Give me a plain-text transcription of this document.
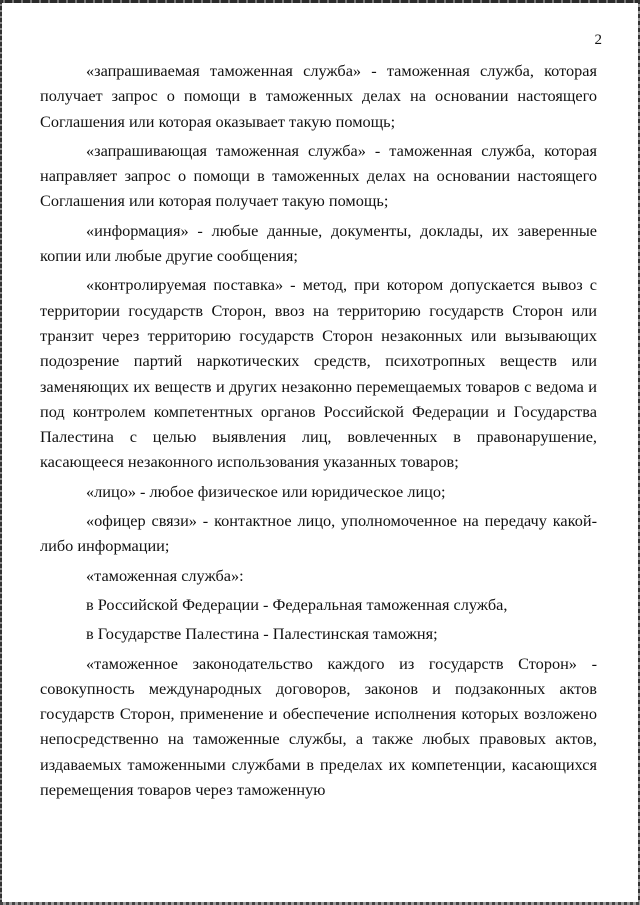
2

«запрашиваемая таможенная служба» - таможенная служба, которая получает запрос о помощи в таможенных делах на основании настоящего Соглашения или которая оказывает такую помощь;

«запрашивающая таможенная служба» - таможенная служба, которая направляет запрос о помощи в таможенных делах на основании настоящего Соглашения или которая получает такую помощь;

«информация» - любые данные, документы, доклады, их заверенные копии или любые другие сообщения;

«контролируемая поставка» - метод, при котором допускается вывоз с территории государств Сторон, ввоз на территорию государств Сторон или транзит через территорию государств Сторон незаконных или вызывающих подозрение партий наркотических средств, психотропных веществ или заменяющих их веществ и других незаконно перемещаемых товаров с ведома и под контролем компетентных органов Российской Федерации и Государства Палестина с целью выявления лиц, вовлеченных в правонарушение, касающееся незаконного использования указанных товаров;

«лицо» - любое физическое или юридическое лицо;

«офицер связи» - контактное лицо, уполномоченное на передачу какой-либо информации;

«таможенная служба»:

в Российской Федерации - Федеральная таможенная служба,

в Государстве Палестина - Палестинская таможня;

«таможенное законодательство каждого из государств Сторон» - совокупность международных договоров, законов и подзаконных актов государств Сторон, применение и обеспечение исполнения которых возложено непосредственно на таможенные службы, а также любых правовых актов, издаваемых таможенными службами в пределах их компетенции, касающихся перемещения товаров через таможенную
